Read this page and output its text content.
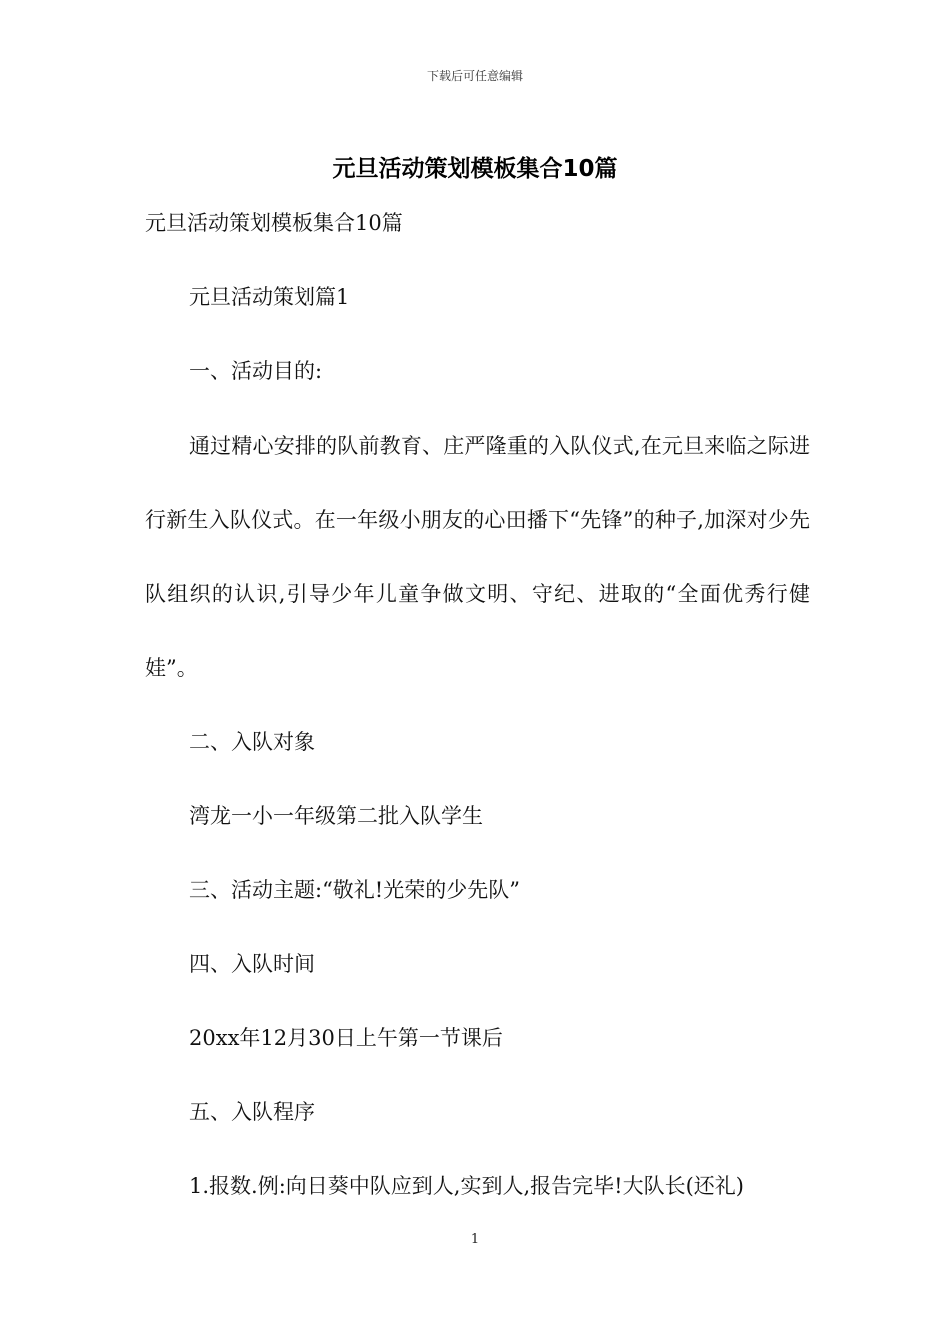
下载后可任意编辑
元旦活动策划模板集合10篇

元旦活动策划模板集合10篇

元旦活动策划篇1

一、活动目的:

通过精心安排的队前教育、庄严隆重的入队仪式,在元旦来临之际进行新生入队仪式。在一年级小朋友的心田播下“先锋”的种子,加深对少先队组织的认识,引导少年儿童争做文明、守纪、进取的“全面优秀行健娃”。

二、入队对象

湾龙一小一年级第二批入队学生

三、活动主题:“敬礼!光荣的少先队”

四、入队时间

20xx年12月30日上午第一节课后

五、入队程序

1.报数.例:向日葵中队应到人,实到人,报告完毕!大队长(还礼)

1
